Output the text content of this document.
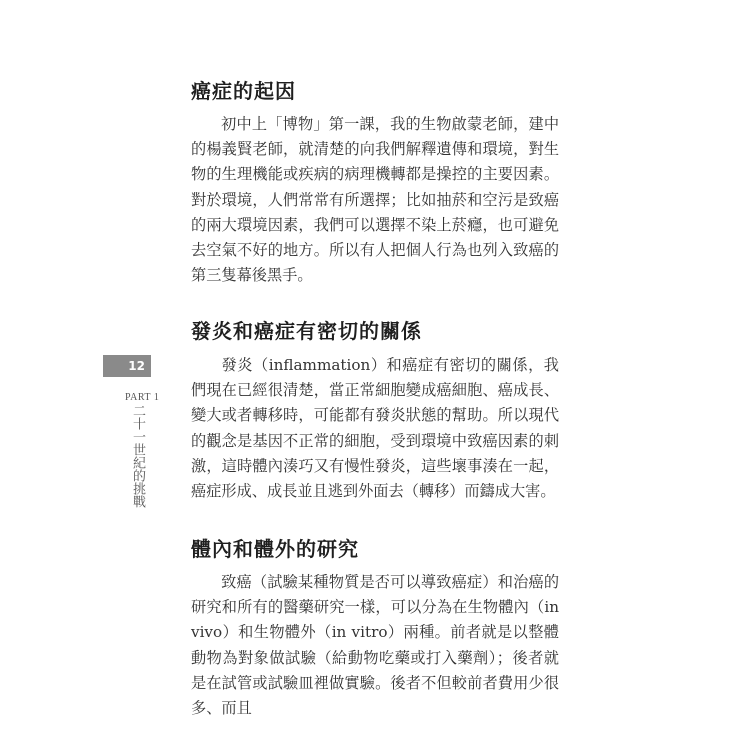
12
PART 1
二十一世紀的挑戰
癌症的起因

初中上「博物」第一課，我的生物啟蒙老師，建中的楊義賢老師，就清楚的向我們解釋遺傳和環境，對生物的生理機能或疾病的病理機轉都是操控的主要因素。對於環境，人們常常有所選擇；比如抽菸和空污是致癌的兩大環境因素，我們可以選擇不染上菸癮，也可避免去空氣不好的地方。所以有人把個人行為也列入致癌的第三隻幕後黑手。

發炎和癌症有密切的關係

發炎（inflammation）和癌症有密切的關係，我們現在已經很清楚，當正常細胞變成癌細胞、癌成長、變大或者轉移時，可能都有發炎狀態的幫助。所以現代的觀念是基因不正常的細胞，受到環境中致癌因素的刺激，這時體內湊巧又有慢性發炎，這些壞事湊在一起，癌症形成、成長並且逃到外面去（轉移）而鑄成大害。

體內和體外的研究

致癌（試驗某種物質是否可以導致癌症）和治癌的研究和所有的醫藥研究一樣，可以分為在生物體內（in vivo）和生物體外（in vitro）兩種。前者就是以整體動物為對象做試驗（給動物吃藥或打入藥劑）；後者就是在試管或試驗皿裡做實驗。後者不但較前者費用少很多、而且
